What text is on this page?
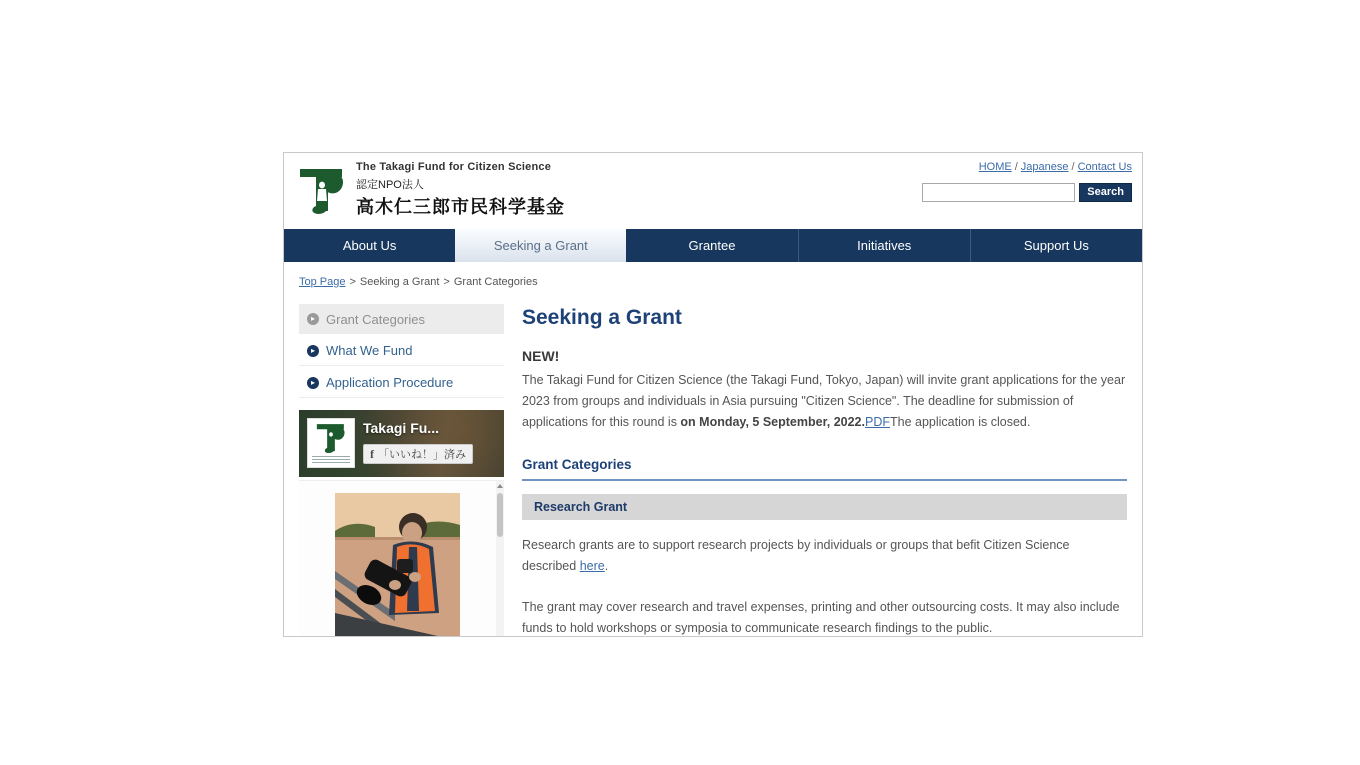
The Takagi Fund for Citizen Science
認定NPO法人
高木仁三郎市民科学基金
HOME / Japanese / Contact Us
Search
About Us	Seeking a Grant	Grantee	Initiatives	Support Us
Top Page > Seeking a Grant > Grant Categories
▸ Grant Categories
▸ What We Fund
▸ Application Procedure
Takagi Fu...
f 「いいね！」済み
Seeking a Grant
NEW!

The Takagi Fund for Citizen Science (the Takagi Fund, Tokyo, Japan) will invite grant applications for the year 2023 from groups and individuals in Asia pursuing "Citizen Science". The deadline for submission of applications for this round is on Monday, 5 September, 2022.PDFThe application is closed.

Grant Categories
Research Grant

Research grants are to support research projects by individuals or groups that befit Citizen Science described here.

The grant may cover research and travel expenses, printing and other outsourcing costs. It may also include funds to hold workshops or symposia to communicate research findings to the public.
